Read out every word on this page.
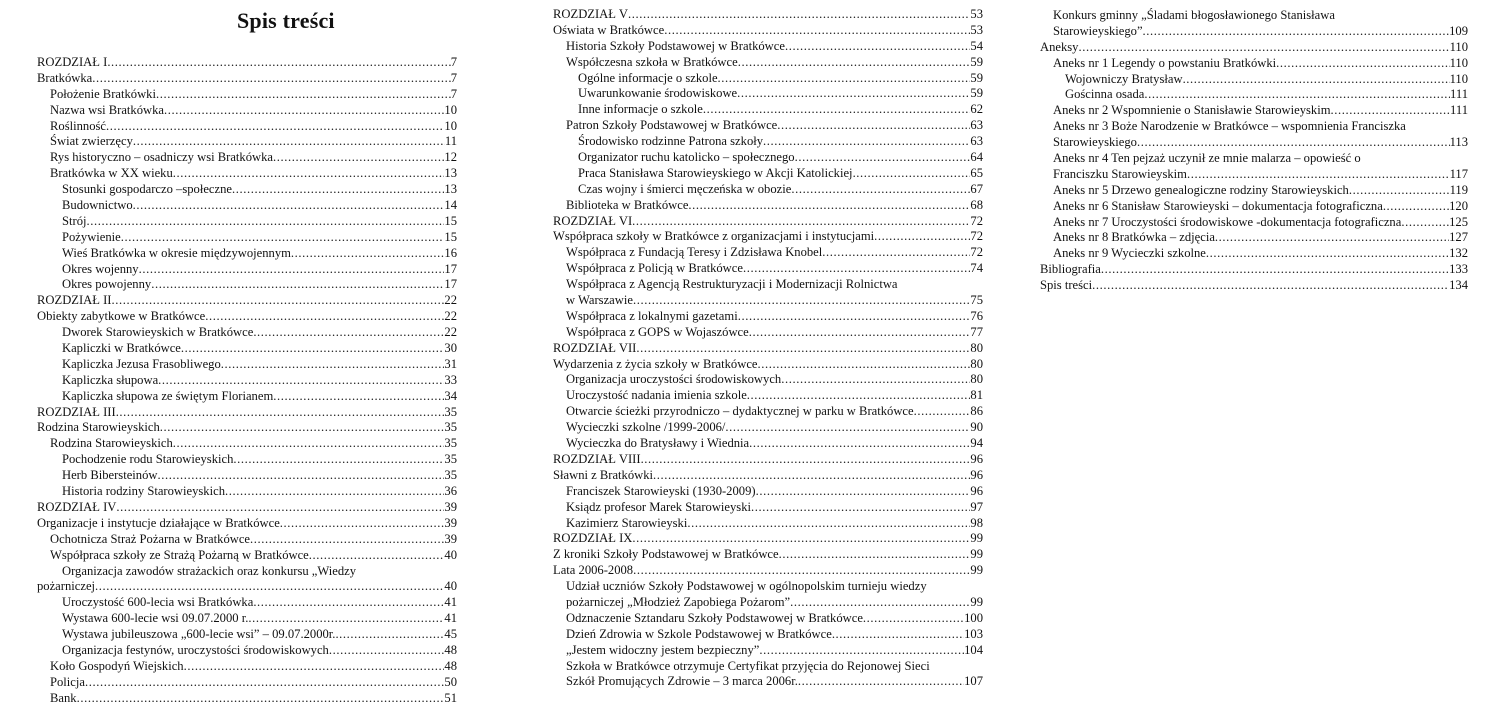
Spis treści
ROZDZIAŁ I .....	7
Bratkówka .....	7
Położenie Bratkówki .....	7
Nazwa wsi Bratkówka .....	10
Roślinność .....	10
Świat zwierzęcy .....	11
Rys historyczno – osadniczy wsi Bratkówka .....	12
Bratkówka w XX wieku .....	13
Stosunki gospodarczo –społeczne .....	13
Budownictwo .....	14
Strój .....	15
Pożywienie .....	15
Wieś Bratkówka w okresie międzywojennym .....	16
Okres wojenny .....	17
Okres powojenny .....	17
ROZDZIAŁ II .....	22
Obiekty zabytkowe w Bratkówce .....	22
Dworek Starowieyskich w Bratkówce .....	22
Kapliczki w Bratkówce .....	30
Kapliczka Jezusa Frasobliwego .....	31
Kapliczka słupowa .....	33
Kapliczka słupowa ze świętym Florianem .....	34
ROZDZIAŁ III .....	35
Rodzina Starowieyskich .....	35
Rodzina Starowieyskich .....	35
Pochodzenie rodu Starowieyskich .....	35
Herb Bibersteinów .....	35
Historia rodziny Starowieyskich .....	36
ROZDZIAŁ IV .....	39
Organizacje i instytucje działające w Bratkówce .....	39
Ochotnicza Straż Pożarna w Bratkówce .....	39
Współpraca szkoły ze Strażą Pożarną w Bratkówce .....	40
Organizacja zawodów strażackich oraz konkursu „Wiedzy
pożarniczej .....	40
Uroczystość 600-lecia wsi Bratkówka .....	41
Wystawa 600-lecie wsi 09.07.2000 r. .....	41
Wystawa jubileuszowa „600-lecie wsi” – 09.07.2000r. .....	45
Organizacja festynów, uroczystości środowiskowych .....	48
Koło Gospodyń Wiejskich .....	48
Policja .....	50
Bank .....	51
ROZDZIAŁ V .....	53
Oświata w Bratkówce .....	53
Historia Szkoły Podstawowej w Bratkówce .....	54
Współczesna szkoła w Bratkówce .....	59
Ogólne informacje o szkole .....	59
Uwarunkowanie środowiskowe .....	59
Inne informacje o szkole .....	62
Patron Szkoły Podstawowej w Bratkówce .....	63
Środowisko rodzinne Patrona szkoły .....	63
Organizator ruchu katolicko – społecznego .....	64
Praca Stanisława Starowieyskiego w Akcji Katolickiej .....	65
Czas wojny i śmierci męczeńska w obozie .....	67
Biblioteka w Bratkówce .....	68
ROZDZIAŁ VI .....	72
Współpraca szkoły w Bratkówce z organizacjami i instytucjami .....	72
Współpraca z Fundacją Teresy i Zdzisława Knobel .....	72
Współpraca z Policją w Bratkówce .....	74
Współpraca z Agencją Restrukturyzacji i Modernizacji Rolnictwa
w Warszawie .....	75
Współpraca z lokalnymi gazetami .....	76
Współpraca z GOPS w Wojaszówce .....	77
ROZDZIAŁ VII .....	80
Wydarzenia z życia szkoły w Bratkówce .....	80
Organizacja uroczystości środowiskowych .....	80
Uroczystość nadania imienia szkole .....	81
Otwarcie ścieżki przyrodniczo – dydaktycznej w parku w Bratkówce .....	86
Wycieczki szkolne /1999-2006/ .....	90
Wycieczka do Bratysławy i Wiednia .....	94
ROZDZIAŁ VIII .....	96
Sławni z Bratkówki .....	96
Franciszek Starowieyski (1930-2009) .....	96
Ksiądz profesor Marek Starowieyski .....	97
Kazimierz Starowieyski .....	98
ROZDZIAŁ IX .....	99
Z kroniki Szkoły Podstawowej w Bratkówce .....	99
Lata 2006-2008 .....	99
Udział uczniów Szkoły Podstawowej w ogólnopolskim turnieju wiedzy
pożarniczej „Młodzież Zapobiega Pożarom” .....	99
Odznaczenie Sztandaru Szkoły Podstawowej w Bratkówce .....	100
Dzień Zdrowia w Szkole Podstawowej w Bratkówce .....	103
„Jestem widoczny jestem bezpieczny” .....	104
Szkoła w Bratkówce otrzymuje Certyfikat przyjęcia do Rejonowej Sieci
Szkół Promujących Zdrowie – 3 marca 2006r. .....	107
Konkurs gminny „Śladami błogosławionego Stanisława
Starowieyskiego” .....	109
Aneksy .....	110
Aneks nr 1 Legendy o powstaniu Bratkówki .....	110
Wojowniczy Bratysław .....	110
Gościnna osada .....	111
Aneks nr 2 Wspomnienie o Stanisławie Starowieyskim .....	111
Aneks nr 3 Boże Narodzenie w Bratkówce – wspomnienia Franciszka
Starowieyskiego .....	113
Aneks nr 4 Ten pejzaż uczynił ze mnie malarza – opowieść o
Franciszku Starowieyskim .....	117
Aneks nr 5 Drzewo genealogiczne rodziny Starowieyskich .....	119
Aneks nr 6 Stanisław Starowieyski – dokumentacja fotograficzna .....	120
Aneks nr 7 Uroczystości środowiskowe -dokumentacja fotograficzna .....	125
Aneks nr 8 Bratkówka – zdjęcia .....	127
Aneks nr 9 Wycieczki szkolne .....	132
Bibliografia .....	133
Spis treści .....	134
